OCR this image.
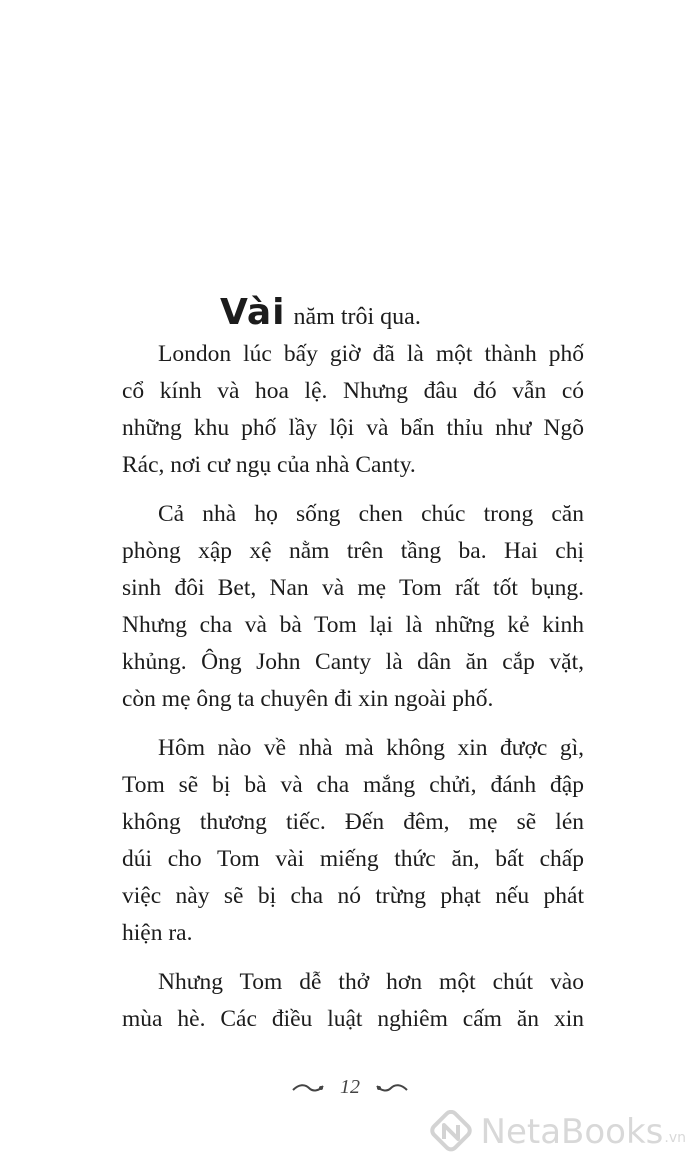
Vài năm trôi qua.

London lúc bấy giờ đã là một thành phố
cổ kính và hoa lệ. Nhưng đâu đó vẫn có
những khu phố lầy lội và bẩn thỉu như Ngõ
Rác, nơi cư ngụ của nhà Canty.

Cả nhà họ sống chen chúc trong căn
phòng xập xệ nằm trên tầng ba. Hai chị
sinh đôi Bet, Nan và mẹ Tom rất tốt bụng.
Nhưng cha và bà Tom lại là những kẻ kinh
khủng. Ông John Canty là dân ăn cắp vặt,
còn mẹ ông ta chuyên đi xin ngoài phố.

Hôm nào về nhà mà không xin được gì,
Tom sẽ bị bà và cha mắng chửi, đánh đập
không thương tiếc. Đến đêm, mẹ sẽ lén
dúi cho Tom vài miếng thức ăn, bất chấp
việc này sẽ bị cha nó trừng phạt nếu phát
hiện ra.

Nhưng Tom dễ thở hơn một chút vào
mùa hè. Các điều luật nghiêm cấm ăn xin

12
NetaBooks .vn
